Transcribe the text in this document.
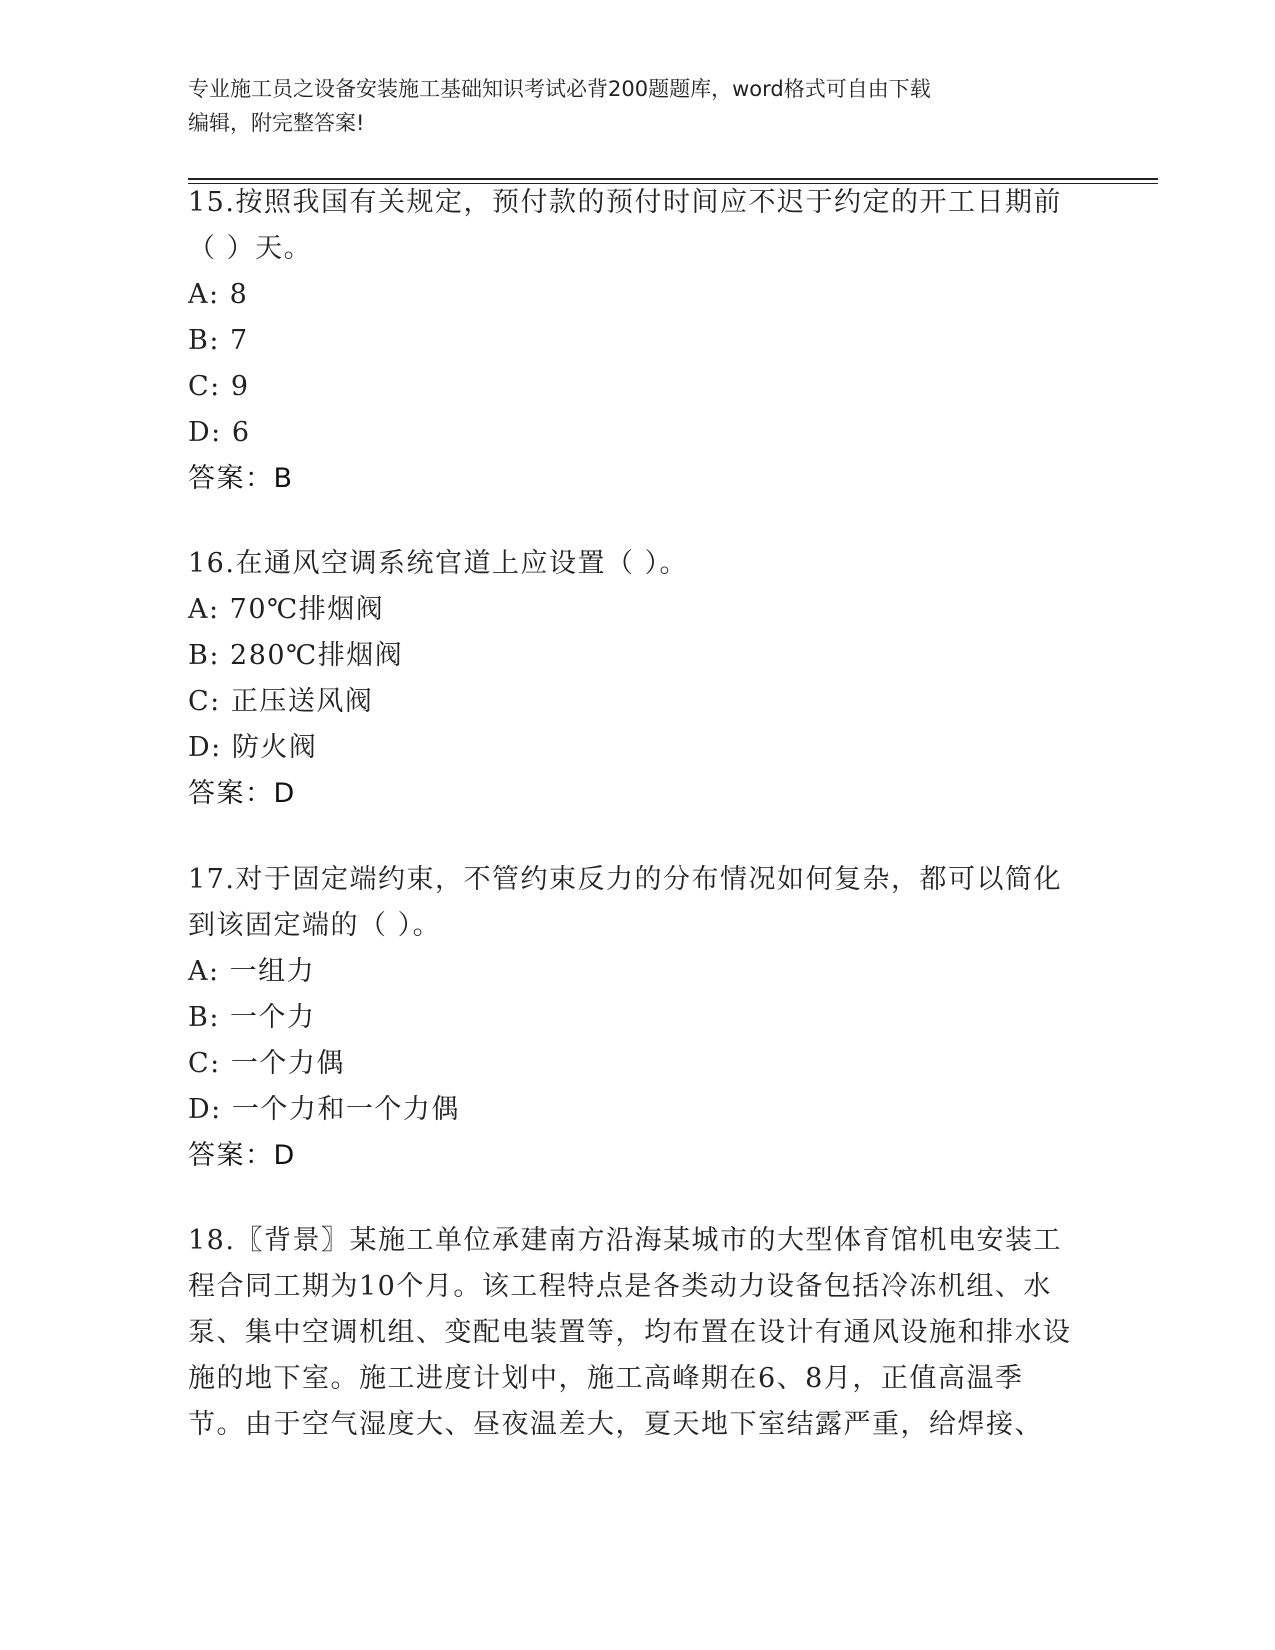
专业施工员之设备安装施工基础知识考试必背200题题库，word格式可自由下载
编辑，附完整答案!
15.按照我国有关规定，预付款的预付时间应不迟于约定的开工日期前（ ）天。
A: 8
B: 7
C: 9
D: 6
答案：B
16.在通风空调系统官道上应设置（ ）。
A: 70℃排烟阀
B: 280℃排烟阀
C: 正压送风阀
D: 防火阀
答案：D
17.对于固定端约束，不管约束反力的分布情况如何复杂，都可以简化到该固定端的（ ）。
A: 一组力
B: 一个力
C: 一个力偶
D: 一个力和一个力偶
答案：D
18.〖背景〗某施工单位承建南方沿海某城市的大型体育馆机电安装工程合同工期为10个月。该工程特点是各类动力设备包括冷冻机组、水泵、集中空调机组、变配电装置等，均布置在设计有通风设施和排水设施的地下室。施工进度计划中，施工高峰期在6、8月，正值高温季节。由于空气湿度大、昼夜温差大，夏天地下室结露严重，给焊接、
